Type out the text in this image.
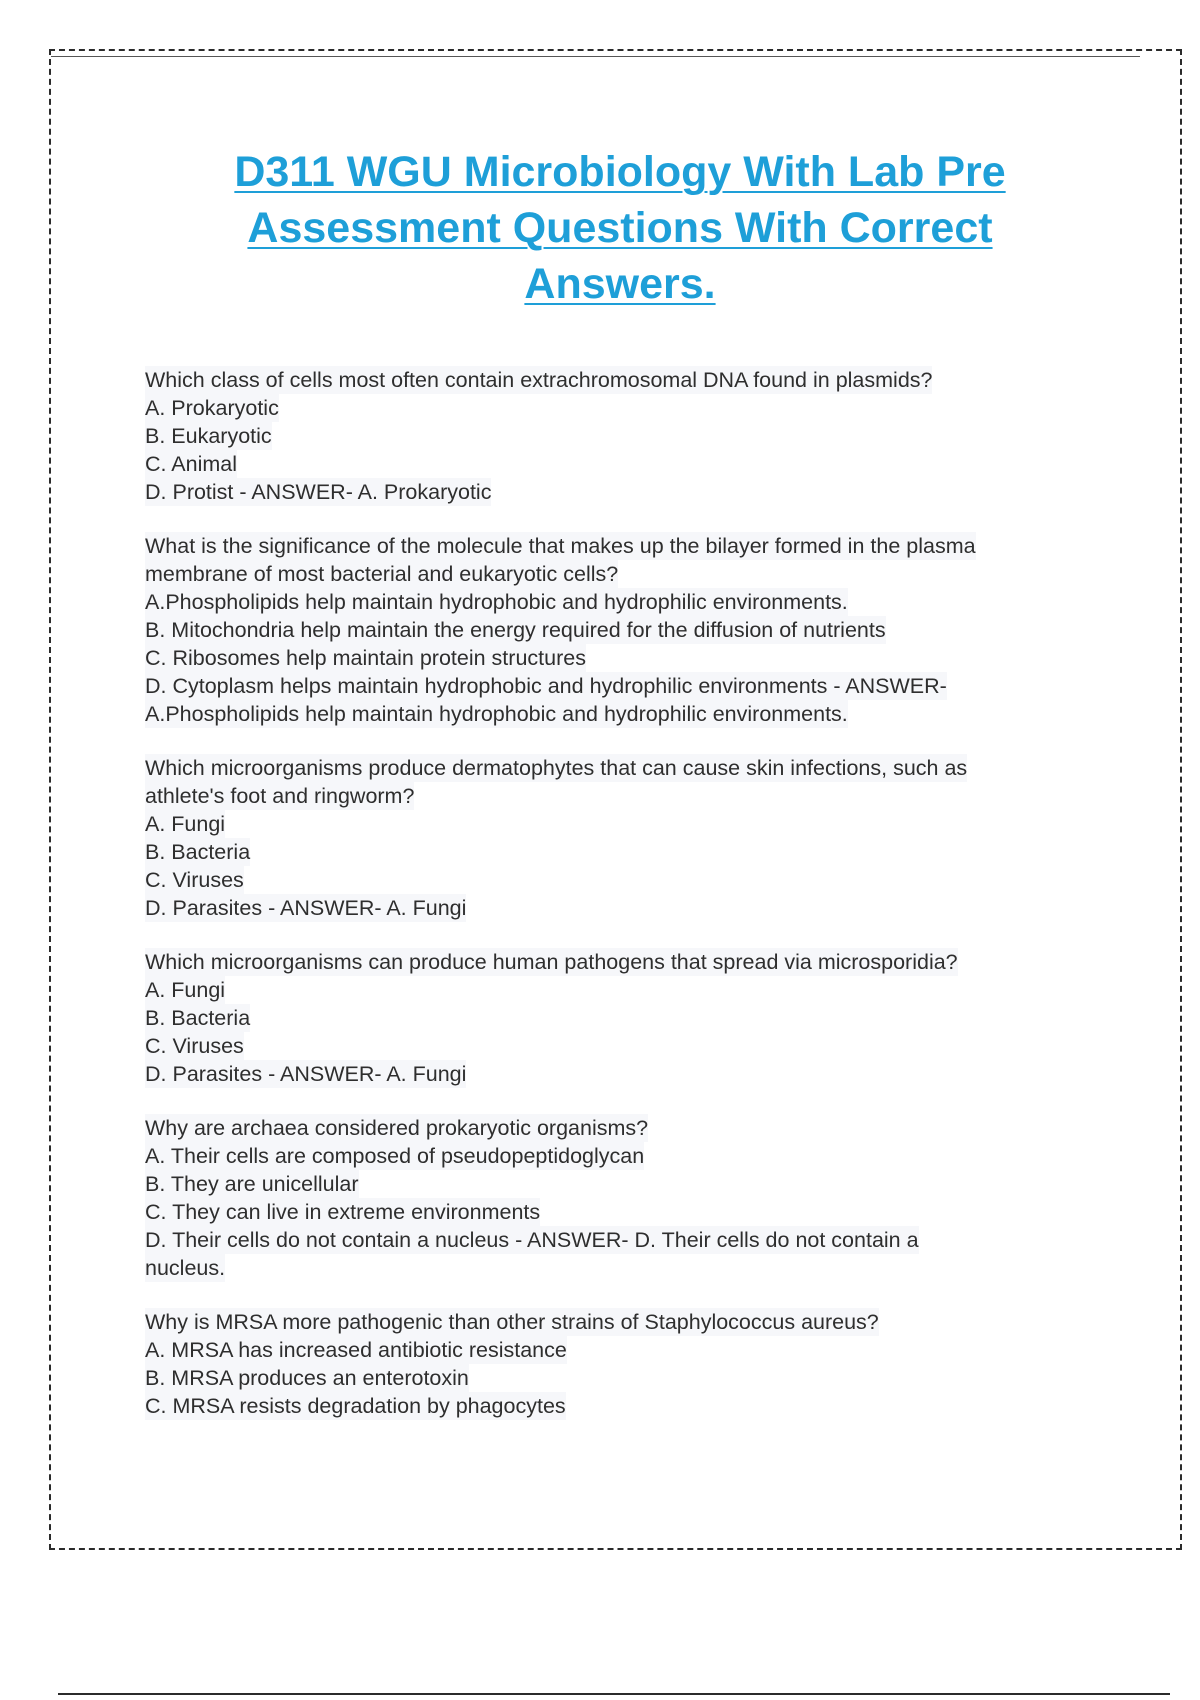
D311 WGU Microbiology With Lab Pre
Assessment Questions With Correct
Answers.
Which class of cells most often contain extrachromosomal DNA found in plasmids?
A. Prokaryotic
B. Eukaryotic
C. Animal
D. Protist - ANSWER- A. Prokaryotic
What is the significance of the molecule that makes up the bilayer formed in the plasma
membrane of most bacterial and eukaryotic cells?
A.Phospholipids help maintain hydrophobic and hydrophilic environments.
B. Mitochondria help maintain the energy required for the diffusion of nutrients
C. Ribosomes help maintain protein structures
D. Cytoplasm helps maintain hydrophobic and hydrophilic environments - ANSWER-
A.Phospholipids help maintain hydrophobic and hydrophilic environments.
Which microorganisms produce dermatophytes that can cause skin infections, such as
athlete's foot and ringworm?
A. Fungi
B. Bacteria
C. Viruses
D. Parasites - ANSWER- A. Fungi
Which microorganisms can produce human pathogens that spread via microsporidia?
A. Fungi
B. Bacteria
C. Viruses
D. Parasites - ANSWER- A. Fungi
Why are archaea considered prokaryotic organisms?
A. Their cells are composed of pseudopeptidoglycan
B. They are unicellular
C. They can live in extreme environments
D. Their cells do not contain a nucleus - ANSWER- D. Their cells do not contain a
nucleus.
Why is MRSA more pathogenic than other strains of Staphylococcus aureus?
A. MRSA has increased antibiotic resistance
B. MRSA produces an enterotoxin
C. MRSA resists degradation by phagocytes
